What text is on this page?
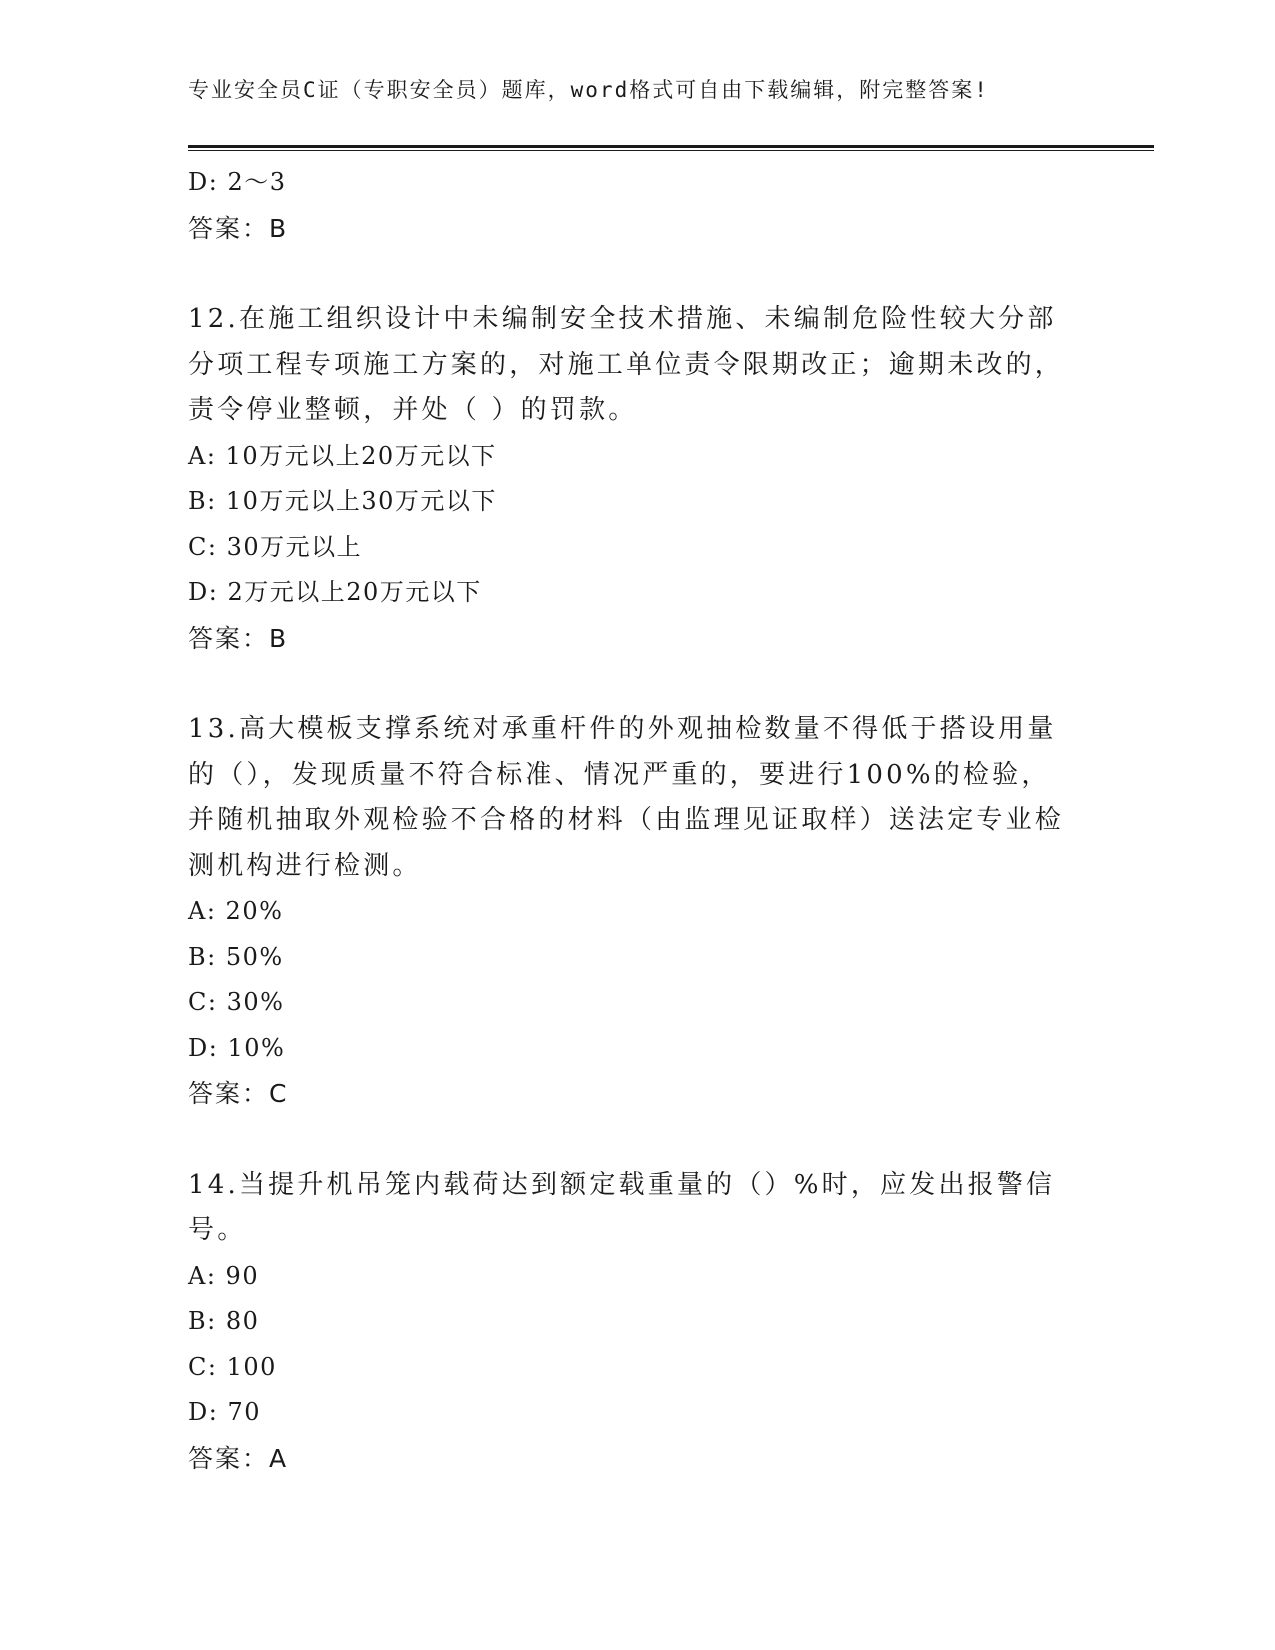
专业安全员C证（专职安全员）题库，word格式可自由下载编辑，附完整答案!
D: 2～3
答案：B
12.在施工组织设计中未编制安全技术措施、未编制危险性较大分部分项工程专项施工方案的，对施工单位责令限期改正；逾期未改的，责令停业整顿，并处（ ）的罚款。
A: 10万元以上20万元以下
B: 10万元以上30万元以下
C: 30万元以上
D: 2万元以上20万元以下
答案：B
13.高大模板支撑系统对承重杆件的外观抽检数量不得低于搭设用量的（），发现质量不符合标准、情况严重的，要进行100%的检验，并随机抽取外观检验不合格的材料（由监理见证取样）送法定专业检测机构进行检测。
A: 20%
B: 50%
C: 30%
D: 10%
答案：C
14.当提升机吊笼内载荷达到额定载重量的（）%时，应发出报警信号。
A: 90
B: 80
C: 100
D: 70
答案：A
